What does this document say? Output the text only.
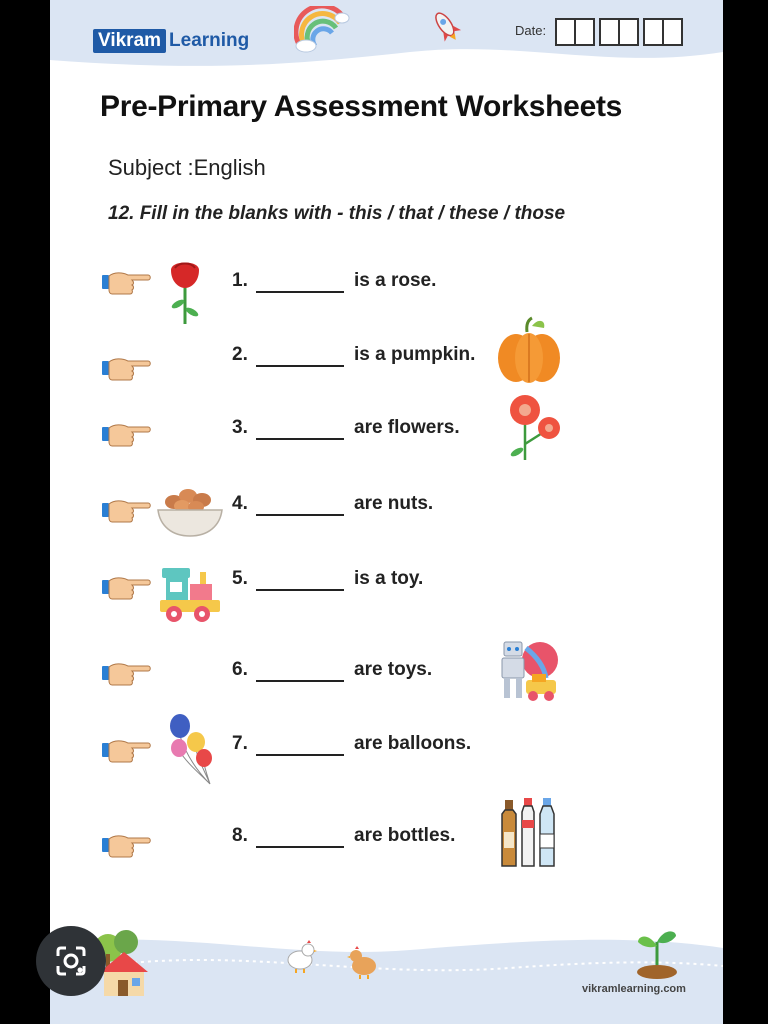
Vikram Learning	Date:
Pre-Primary Assessment Worksheets
Subject :English
12. Fill in the blanks with - this / that / these / those
1.	is a rose.
2.	is a pumpkin.
3.	are flowers.
4.	are nuts.
5.	is a toy.
6.	are toys.
7.	are balloons.
8.	are bottles.
vikramlearning.com
